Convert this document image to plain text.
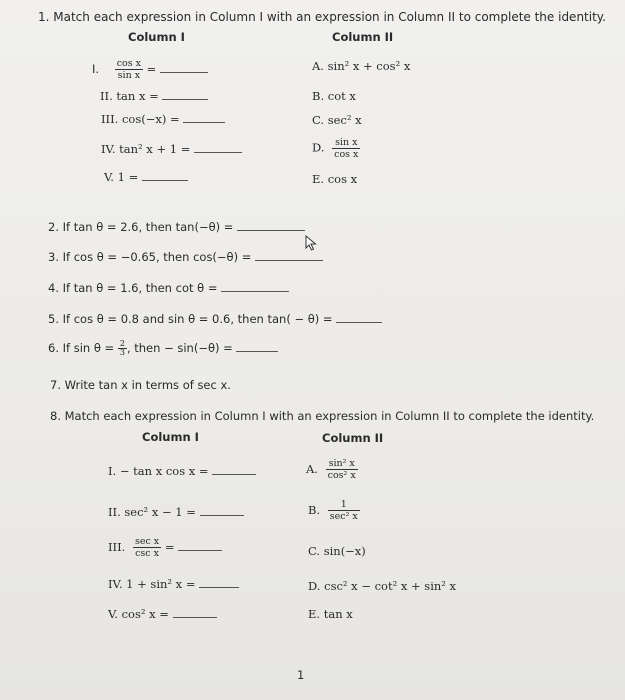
1. Match each expression in Column I with an expression in Column II to complete the identity.
Column I	Column II
I. $\frac{\text{cos x}}{\text{sin x}}$ =
II. tan x =
III. cos(−x) =
IV. tan² x + 1 =
V. 1 =
A. sin² x + cos² x
B. cot x
C. sec² x
D. $\frac{\text{sin x}}{\text{cos x}}$
E. cos x
2. If tan θ = 2.6, then tan(−θ) =
3. If cos θ = −0.65, then cos(−θ) =
4. If tan θ = 1.6, then cot θ =
5. If cos θ = 0.8 and sin θ = 0.6, then tan( − θ) =
6. If $\sin \theta = \frac{2}{3}$ , then − sin(−θ) =
7. Write tan x in terms of sec x.
8. Match each expression in Column I with an expression in Column II to complete the identity.
Column I	Column II
I. − tan x cos x =
II. sec² x − 1 =
III. $\frac{\text{sec x}}{\text{csc x}}$ =
IV. 1 + sin² x =
V. cos² x =
A. $\frac{\text{sin² x}}{\text{cos² x}}$
B. $\frac{1}{\text{sec² x}}$
C. sin(−x)
D. csc² x − cot² x + sin² x
E. tan x
1
